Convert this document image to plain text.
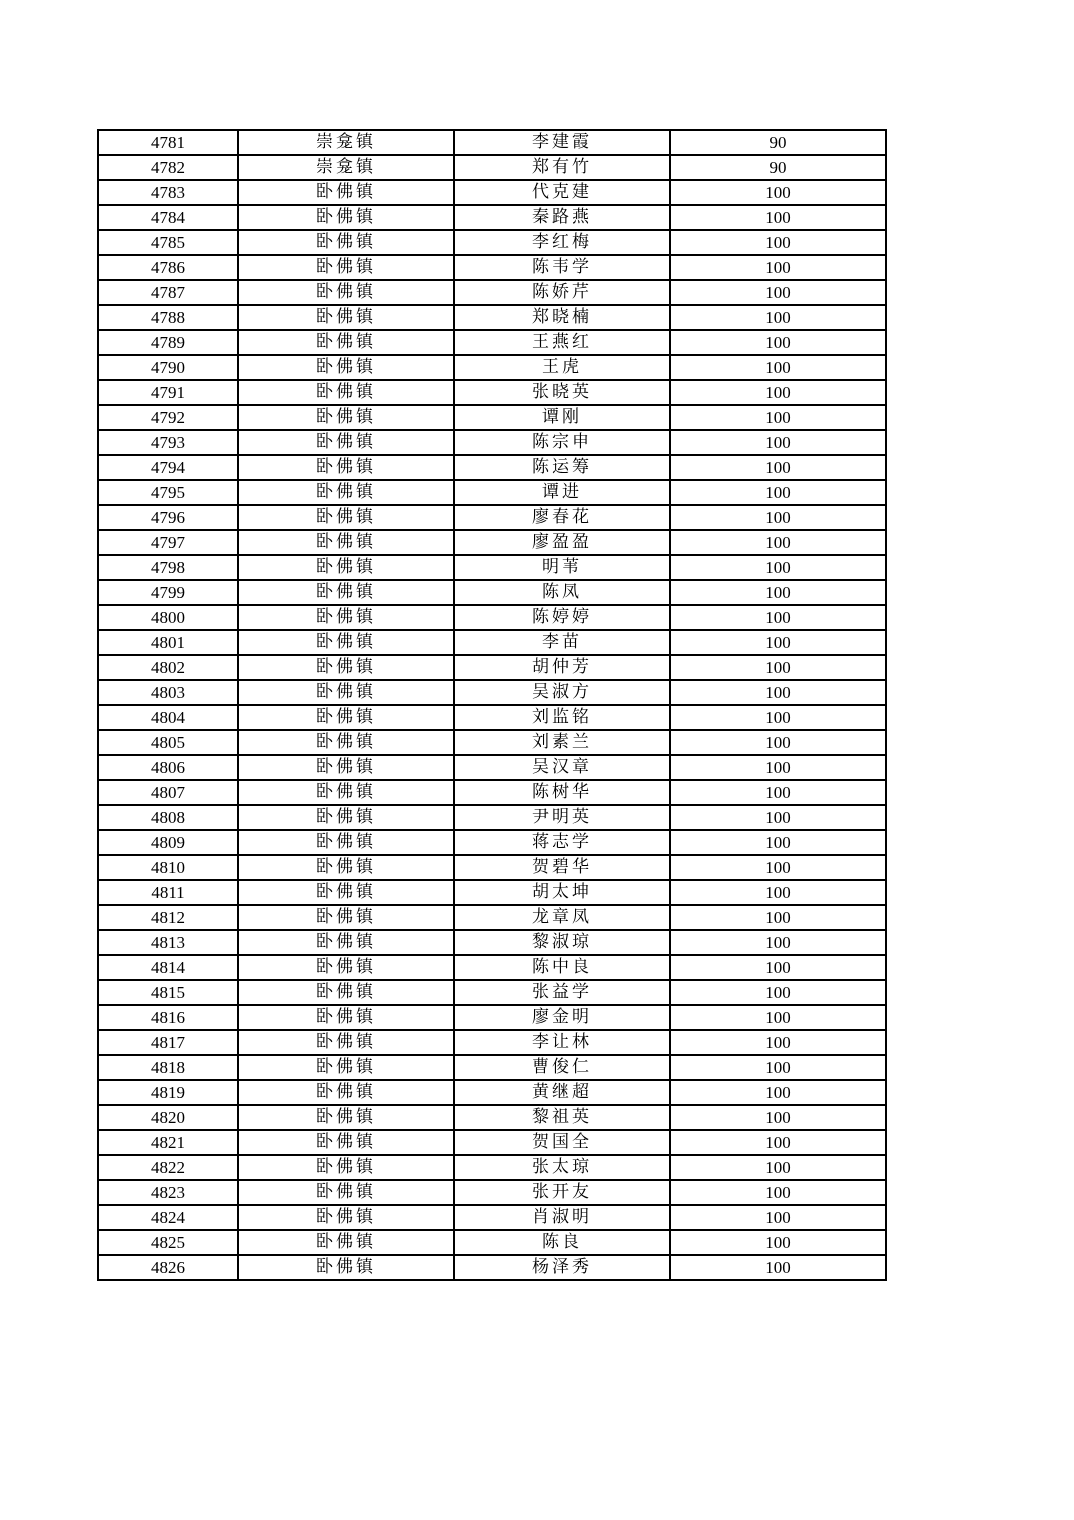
4781	崇龛镇	李建霞	90
4782	崇龛镇	郑有竹	90
4783	卧佛镇	代克建	100
4784	卧佛镇	秦路燕	100
4785	卧佛镇	李红梅	100
4786	卧佛镇	陈韦学	100
4787	卧佛镇	陈娇芹	100
4788	卧佛镇	郑晓楠	100
4789	卧佛镇	王燕红	100
4790	卧佛镇	王虎	100
4791	卧佛镇	张晓英	100
4792	卧佛镇	谭刚	100
4793	卧佛镇	陈宗申	100
4794	卧佛镇	陈运筹	100
4795	卧佛镇	谭进	100
4796	卧佛镇	廖春花	100
4797	卧佛镇	廖盈盈	100
4798	卧佛镇	明苇	100
4799	卧佛镇	陈凤	100
4800	卧佛镇	陈婷婷	100
4801	卧佛镇	李苗	100
4802	卧佛镇	胡仲芳	100
4803	卧佛镇	吴淑方	100
4804	卧佛镇	刘监铭	100
4805	卧佛镇	刘素兰	100
4806	卧佛镇	吴汉章	100
4807	卧佛镇	陈树华	100
4808	卧佛镇	尹明英	100
4809	卧佛镇	蒋志学	100
4810	卧佛镇	贺碧华	100
4811	卧佛镇	胡太坤	100
4812	卧佛镇	龙章凤	100
4813	卧佛镇	黎淑琼	100
4814	卧佛镇	陈中良	100
4815	卧佛镇	张益学	100
4816	卧佛镇	廖金明	100
4817	卧佛镇	李让林	100
4818	卧佛镇	曹俊仁	100
4819	卧佛镇	黄继超	100
4820	卧佛镇	黎祖英	100
4821	卧佛镇	贺国全	100
4822	卧佛镇	张太琼	100
4823	卧佛镇	张开友	100
4824	卧佛镇	肖淑明	100
4825	卧佛镇	陈良	100
4826	卧佛镇	杨泽秀	100
